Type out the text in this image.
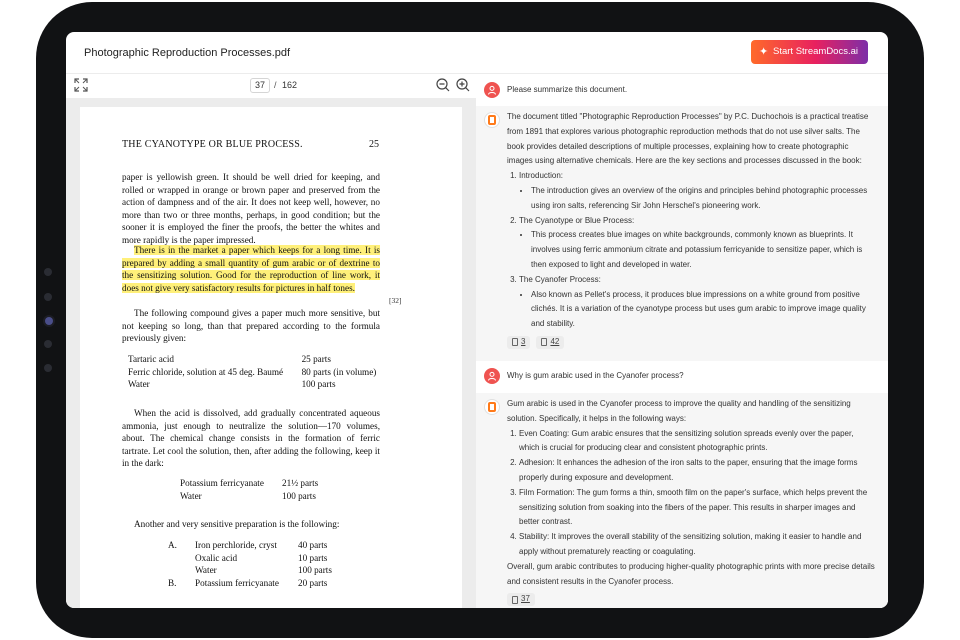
Photographic Reproduction Processes.pdf	✦ Start StreamDocs.ai
37	/ 162
THE CYANOTYPE OR BLUE PROCESS.	25
paper is yellowish green. It should be well dried for keeping, and rolled or wrapped in orange or brown paper and preserved from the action of dampness and of the air. It does not keep well, however, no more than two or three months, perhaps, in good condition; but the sooner it is employed the finer the proofs, the better the whites and more rapidly is the paper impressed.
There is in the market a paper which keeps for a long time. It is prepared by adding a small quantity of gum arabic or of dextrine to the sensitizing solution. Good for the reproduction of line work, it does not give very satisfactory results for pictures in half tones.
[32]
The following compound gives a paper much more sensitive, but not keeping so long, than that prepared according to the formula previously given:
Tartaric acid	25 parts
Ferric chloride, solution at 45 deg. Baumé	80 parts (in volume)
Water	100 parts
When the acid is dissolved, add gradually concentrated aqueous ammonia, just enough to neutralize the solution—170 volumes, about. The chemical change consists in the formation of ferric tartrate. Let cool the solution, then, after adding the following, keep it in the dark:
Potassium ferricyanate	21½ parts
Water	100 parts
Another and very sensitive preparation is the following:
A.	Iron perchloride, cryst	40 parts
Oxalic acid	10 parts
Water	100 parts
B.	Potassium ferricyanate	20 parts
Please summarize this document.
The document titled "Photographic Reproduction Processes" by P.C. Duchochois is a practical treatise from 1891 that explores various photographic reproduction methods that do not use silver salts. The book provides detailed descriptions of multiple processes, explaining how to create photographic images using alternative chemicals. Here are the key sections and processes discussed in the book:
1. Introduction:
• The introduction gives an overview of the origins and principles behind photographic processes using iron salts, referencing Sir John Herschel's pioneering work.
2. The Cyanotype or Blue Process:
• This process creates blue images on white backgrounds, commonly known as blueprints. It involves using ferric ammonium citrate and potassium ferricyanide to sensitize paper, which is then exposed to light and developed in water.
3. The Cyanofer Process:
• Also known as Pellet's process, it produces blue impressions on a white ground from positive clichés. It is a variation of the cyanotype process but uses gum arabic to improve image quality and stability.
3	42
Why is gum arabic used in the Cyanofer process?
Gum arabic is used in the Cyanofer process to improve the quality and handling of the sensitizing solution. Specifically, it helps in the following ways:
1. Even Coating: Gum arabic ensures that the sensitizing solution spreads evenly over the paper, which is crucial for producing clear and consistent photographic prints.
2. Adhesion: It enhances the adhesion of the iron salts to the paper, ensuring that the image forms properly during exposure and development.
3. Film Formation: The gum forms a thin, smooth film on the paper's surface, which helps prevent the sensitizing solution from soaking into the fibers of the paper. This results in sharper images and better contrast.
4. Stability: It improves the overall stability of the sensitizing solution, making it easier to handle and apply without prematurely reacting or coagulating.
Overall, gum arabic contributes to producing higher-quality photographic prints with more precise details and consistent results in the Cyanofer process.
37
